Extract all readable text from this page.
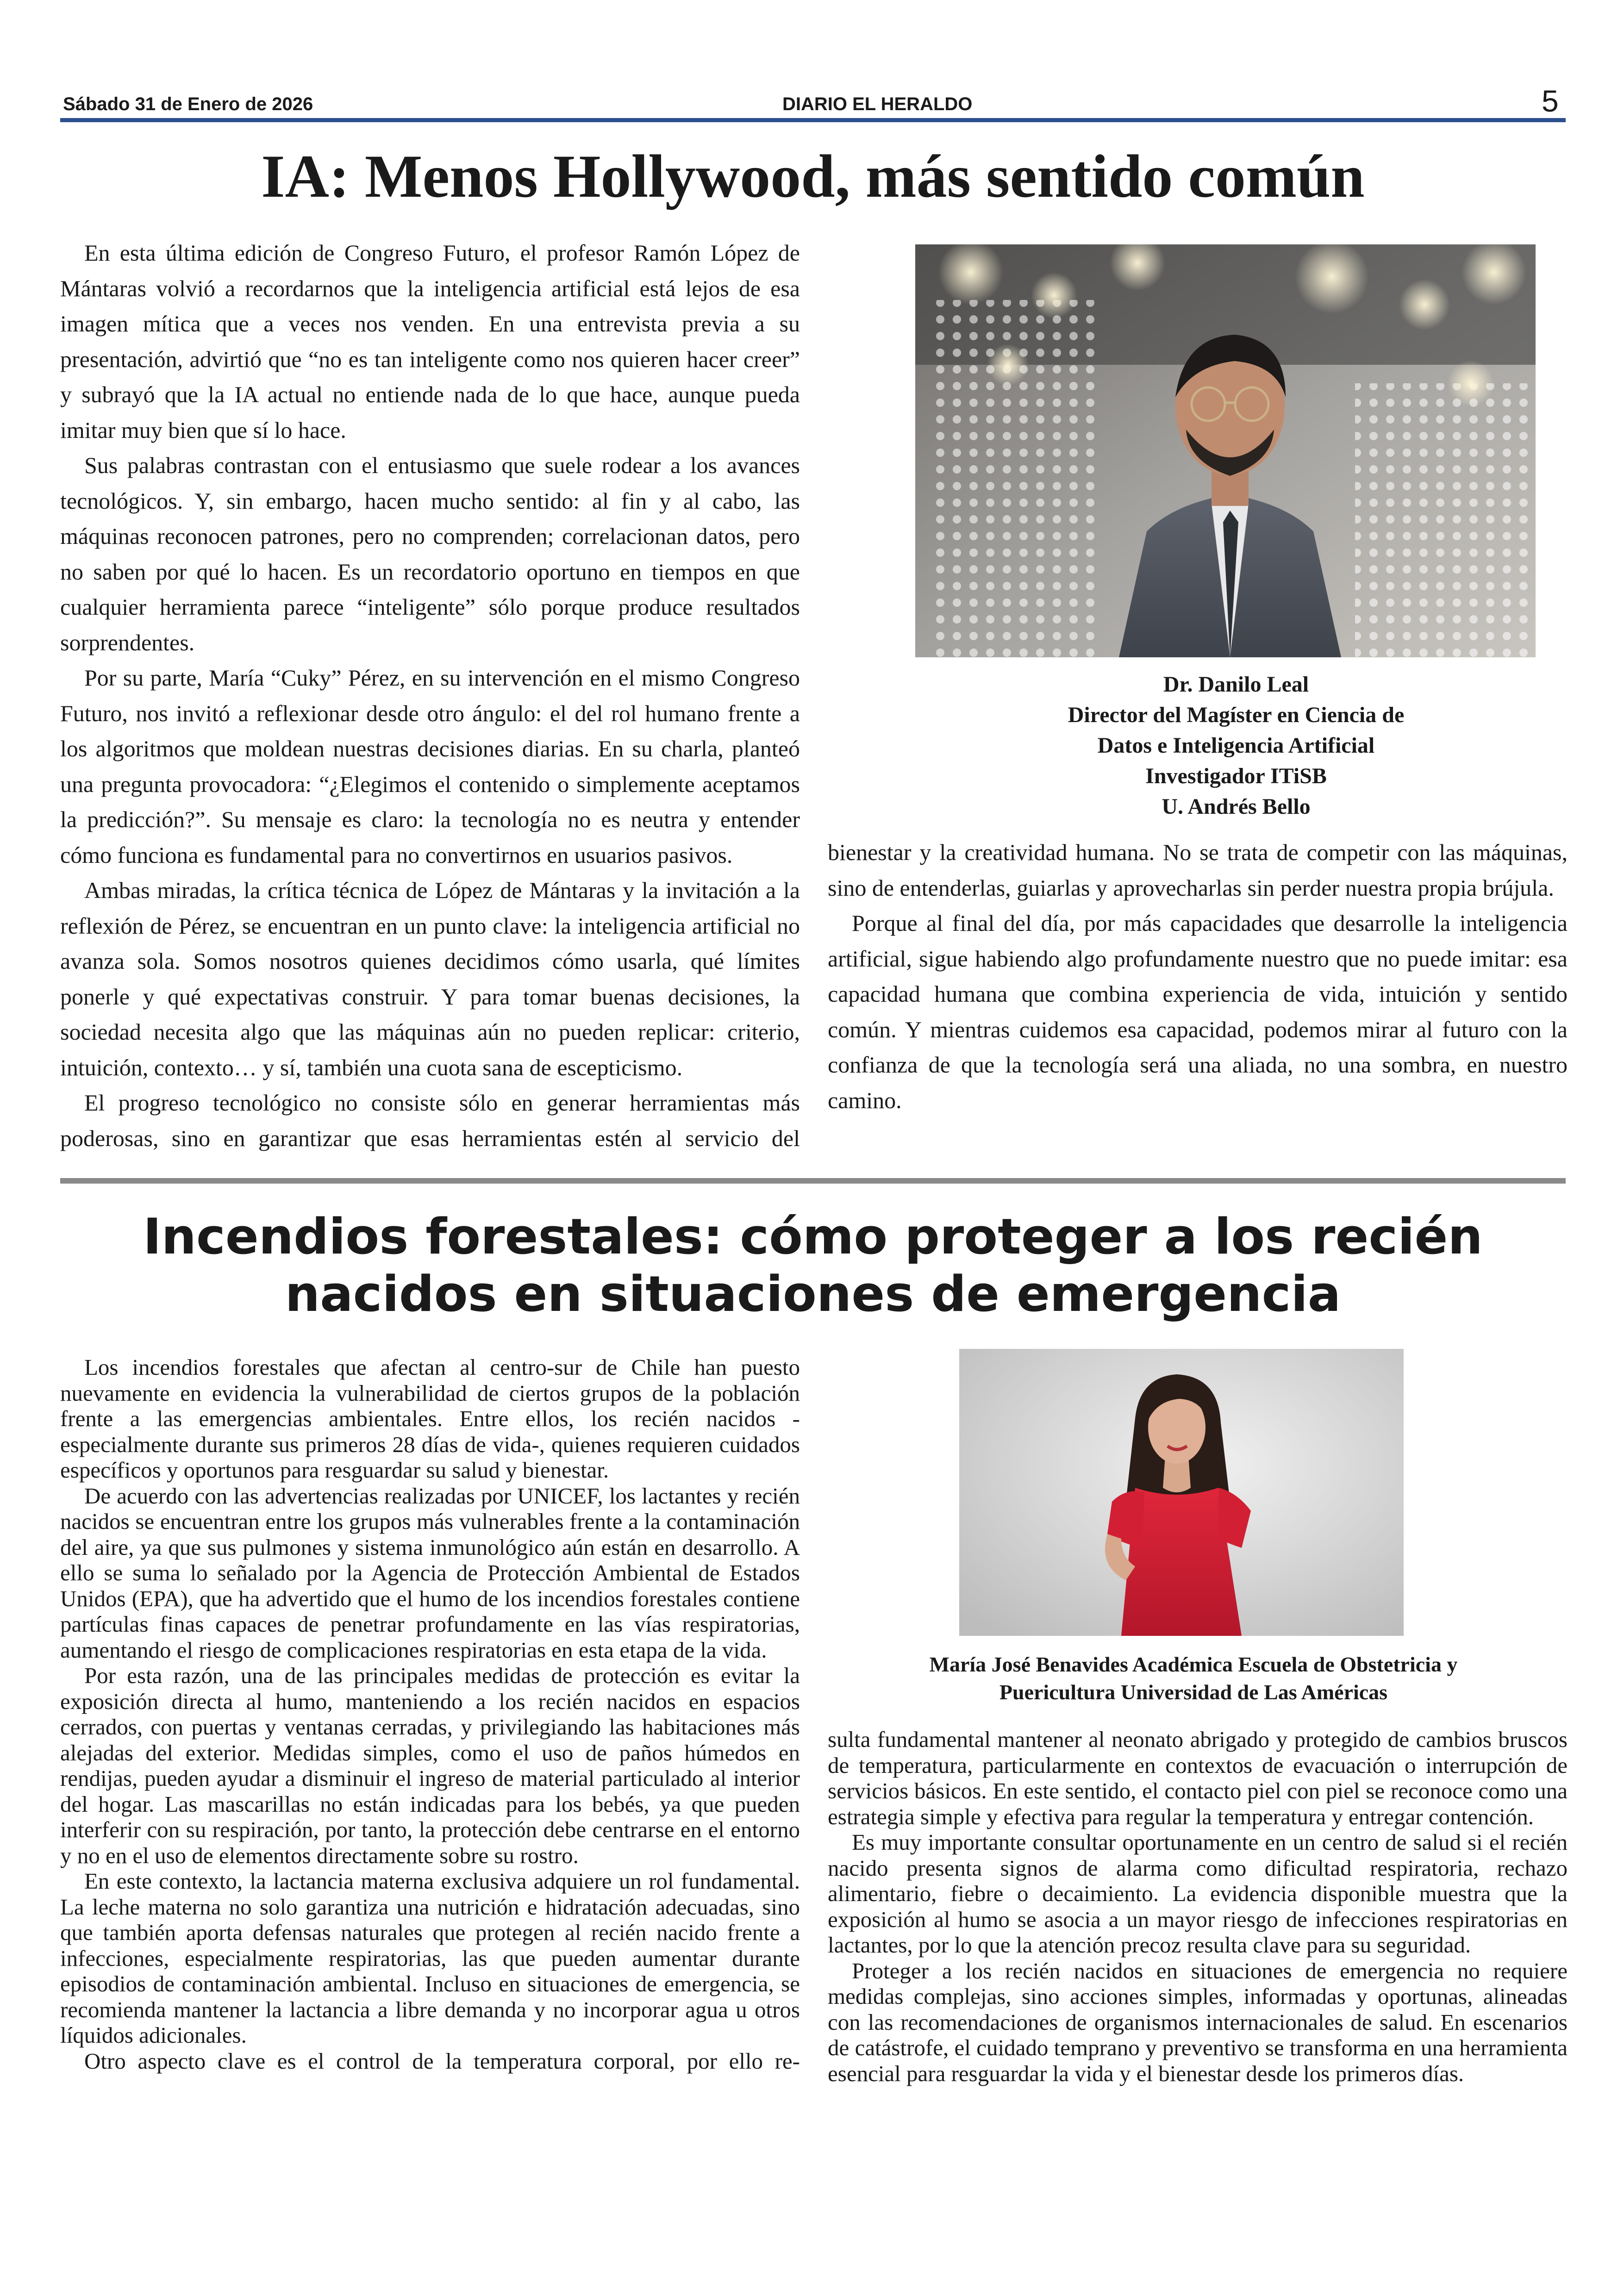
Sábado 31 de Enero de 2026	DIARIO EL HERALDO	5
IA: Menos Hollywood, más sentido común

En esta última edición de Congreso Futuro, el profesor Ramón López de Mántaras volvió a recordarnos que la inteligencia artificial está lejos de esa imagen mítica que a veces nos venden. En una entrevista previa a su presentación, advirtió que “no es tan inteligente como nos quieren hacer creer” y subrayó que la IA actual no entiende nada de lo que hace, aunque pueda imitar muy bien que sí lo hace.

Sus palabras contrastan con el entusiasmo que suele rodear a los avances tecnológicos. Y, sin embargo, hacen mucho sentido: al fin y al cabo, las máquinas reconocen patrones, pero no comprenden; correlacionan datos, pero no saben por qué lo hacen. Es un recordatorio oportuno en tiempos en que cualquier herramienta parece “inteligente” sólo porque produce resultados sorprendentes.

Por su parte, María “Cuky” Pérez, en su intervención en el mismo Congreso Futuro, nos invitó a reflexionar desde otro ángulo: el del rol humano frente a los algoritmos que moldean nuestras decisiones diarias. En su charla, planteó una pregunta provocadora: “¿Elegimos el contenido o simplemente aceptamos la predicción?”. Su mensaje es claro: la tecnología no es neutra y entender cómo funciona es fundamental para no convertirnos en usuarios pasivos.

Ambas miradas, la crítica técnica de López de Mántaras y la invitación a la reflexión de Pérez, se encuentran en un punto clave: la inteligencia artificial no avanza sola. Somos nosotros quienes decidimos cómo usarla, qué límites ponerle y qué expectativas construir. Y para tomar buenas decisiones, la sociedad necesita algo que las máquinas aún no pueden replicar: criterio, intuición, contexto… y sí, también una cuota sana de escepticismo.

El progreso tecnológico no consiste sólo en generar herramientas más poderosas, sino en garantizar que esas herramientas estén al servicio del

Dr. Danilo Leal
Director del Magíster en Ciencia de
Datos e Inteligencia Artificial
Investigador ITiSB
U. Andrés Bello

bienestar y la creatividad humana. No se trata de competir con las máquinas, sino de entenderlas, guiarlas y aprovecharlas sin perder nuestra propia brújula.

Porque al final del día, por más capacidades que desarrolle la inteligencia artificial, sigue habiendo algo profundamente nuestro que no puede imitar: esa capacidad humana que combina experiencia de vida, intuición y sentido común. Y mientras cuidemos esa capacidad, podemos mirar al futuro con la confianza de que la tecnología será una aliada, no una sombra, en nuestro camino.

Incendios forestales: cómo proteger a los recién
nacidos en situaciones de emergencia

Los incendios forestales que afectan al centro-sur de Chile han puesto nuevamente en evidencia la vulnerabilidad de ciertos grupos de la población frente a las emergencias ambientales. Entre ellos, los recién nacidos -especialmente durante sus primeros 28 días de vida-, quienes requieren cuidados específicos y oportunos para resguardar su salud y bienestar.

De acuerdo con las advertencias realizadas por UNICEF, los lactantes y recién nacidos se encuentran entre los grupos más vulnerables frente a la contaminación del aire, ya que sus pulmones y sistema inmunológico aún están en desarrollo. A ello se suma lo señalado por la Agencia de Protección Ambiental de Estados Unidos (EPA), que ha advertido que el humo de los incendios forestales contiene partículas finas capaces de penetrar profundamente en las vías respiratorias, aumentando el riesgo de complicaciones respiratorias en esta etapa de la vida.

Por esta razón, una de las principales medidas de protección es evitar la exposición directa al humo, manteniendo a los recién nacidos en espacios cerrados, con puertas y ventanas cerradas, y privilegiando las habitaciones más alejadas del exterior. Medidas simples, como el uso de paños húmedos en rendijas, pueden ayudar a disminuir el ingreso de material particulado al interior del hogar. Las mascarillas no están indicadas para los bebés, ya que pueden interferir con su respiración, por tanto, la protección debe centrarse en el entorno y no en el uso de elementos directamente sobre su rostro.

En este contexto, la lactancia materna exclusiva adquiere un rol fundamental. La leche materna no solo garantiza una nutrición e hidratación adecuadas, sino que también aporta defensas naturales que protegen al recién nacido frente a infecciones, especialmente respiratorias, las que pueden aumentar durante episodios de contaminación ambiental. Incluso en situaciones de emergencia, se recomienda mantener la lactancia a libre demanda y no incorporar agua u otros líquidos adicionales.

Otro aspecto clave es el control de la temperatura corporal, por ello re-

María José Benavides Académica Escuela de Obstetricia y
Puericultura Universidad de Las Américas

sulta fundamental mantener al neonato abrigado y protegido de cambios bruscos de temperatura, particularmente en contextos de evacuación o interrupción de servicios básicos. En este sentido, el contacto piel con piel se reconoce como una estrategia simple y efectiva para regular la temperatura y entregar contención.

Es muy importante consultar oportunamente en un centro de salud si el recién nacido presenta signos de alarma como dificultad respiratoria, rechazo alimentario, fiebre o decaimiento. La evidencia disponible muestra que la exposición al humo se asocia a un mayor riesgo de infecciones respiratorias en lactantes, por lo que la atención precoz resulta clave para su seguridad.

Proteger a los recién nacidos en situaciones de emergencia no requiere medidas complejas, sino acciones simples, informadas y oportunas, alineadas con las recomendaciones de organismos internacionales de salud. En escenarios de catástrofe, el cuidado temprano y preventivo se transforma en una herramienta esencial para resguardar la vida y el bienestar desde los primeros días.
